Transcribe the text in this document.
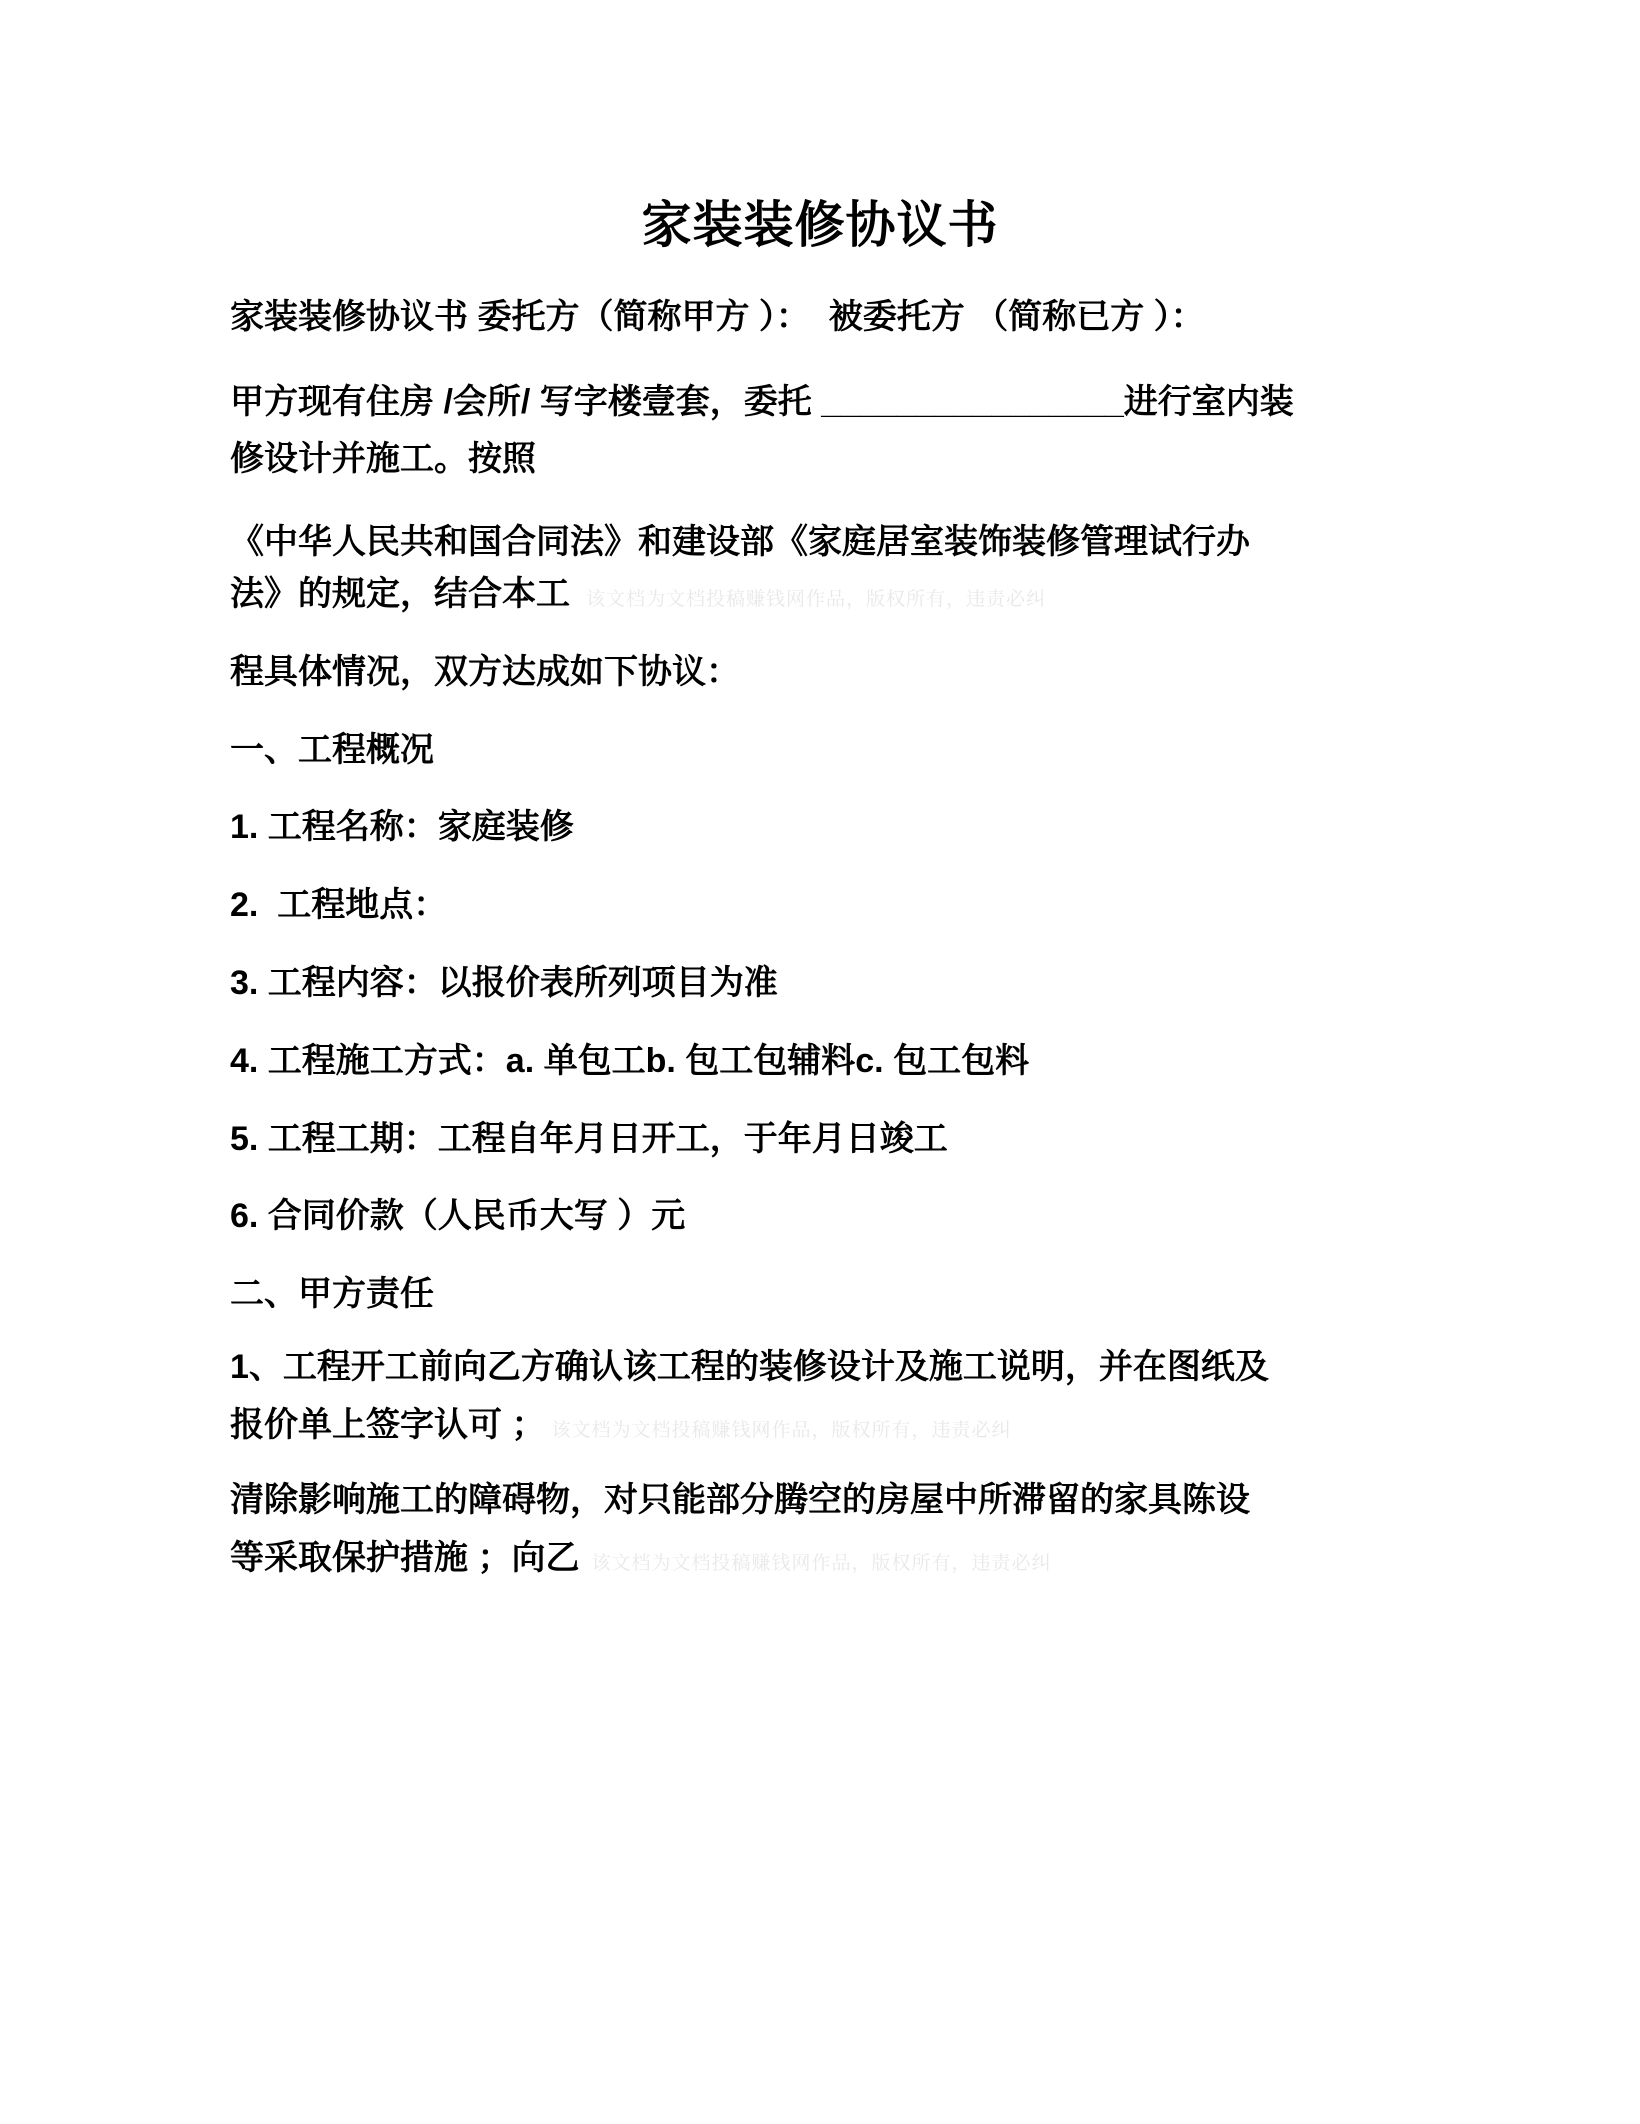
家装装修协议书
家装装修协议书 委托方（简称甲方 ）：  被委托方 （简称已方 ）：
甲方现有住房 /会所/ 写字楼壹套，委托 ________________进行室内装
修设计并施工。按照
《中华人民共和国合同法》和建设部《家庭居室装饰装修管理试行办
法》的规定，结合本工 该文档为文档投稿赚钱网作品，版权所有，违责必纠
程具体情况，双方达成如下协议：
一、工程概况
1. 工程名称：家庭装修
2.  工程地点：
3. 工程内容：以报价表所列项目为准
4. 工程施工方式：a. 单包工b. 包工包辅料c. 包工包料
5. 工程工期：工程自年月日开工，于年月日竣工
6. 合同价款（人民币大写 ）元
二、甲方责任
1、工程开工前向乙方确认该工程的装修设计及施工说明，并在图纸及
报价单上签字认可 ； 该文档为文档投稿赚钱网作品，版权所有，违责必纠
清除影响施工的障碍物，对只能部分腾空的房屋中所滞留的家具陈设
等采取保护措施 ；向乙 该文档为文档投稿赚钱网作品，版权所有，违责必纠
